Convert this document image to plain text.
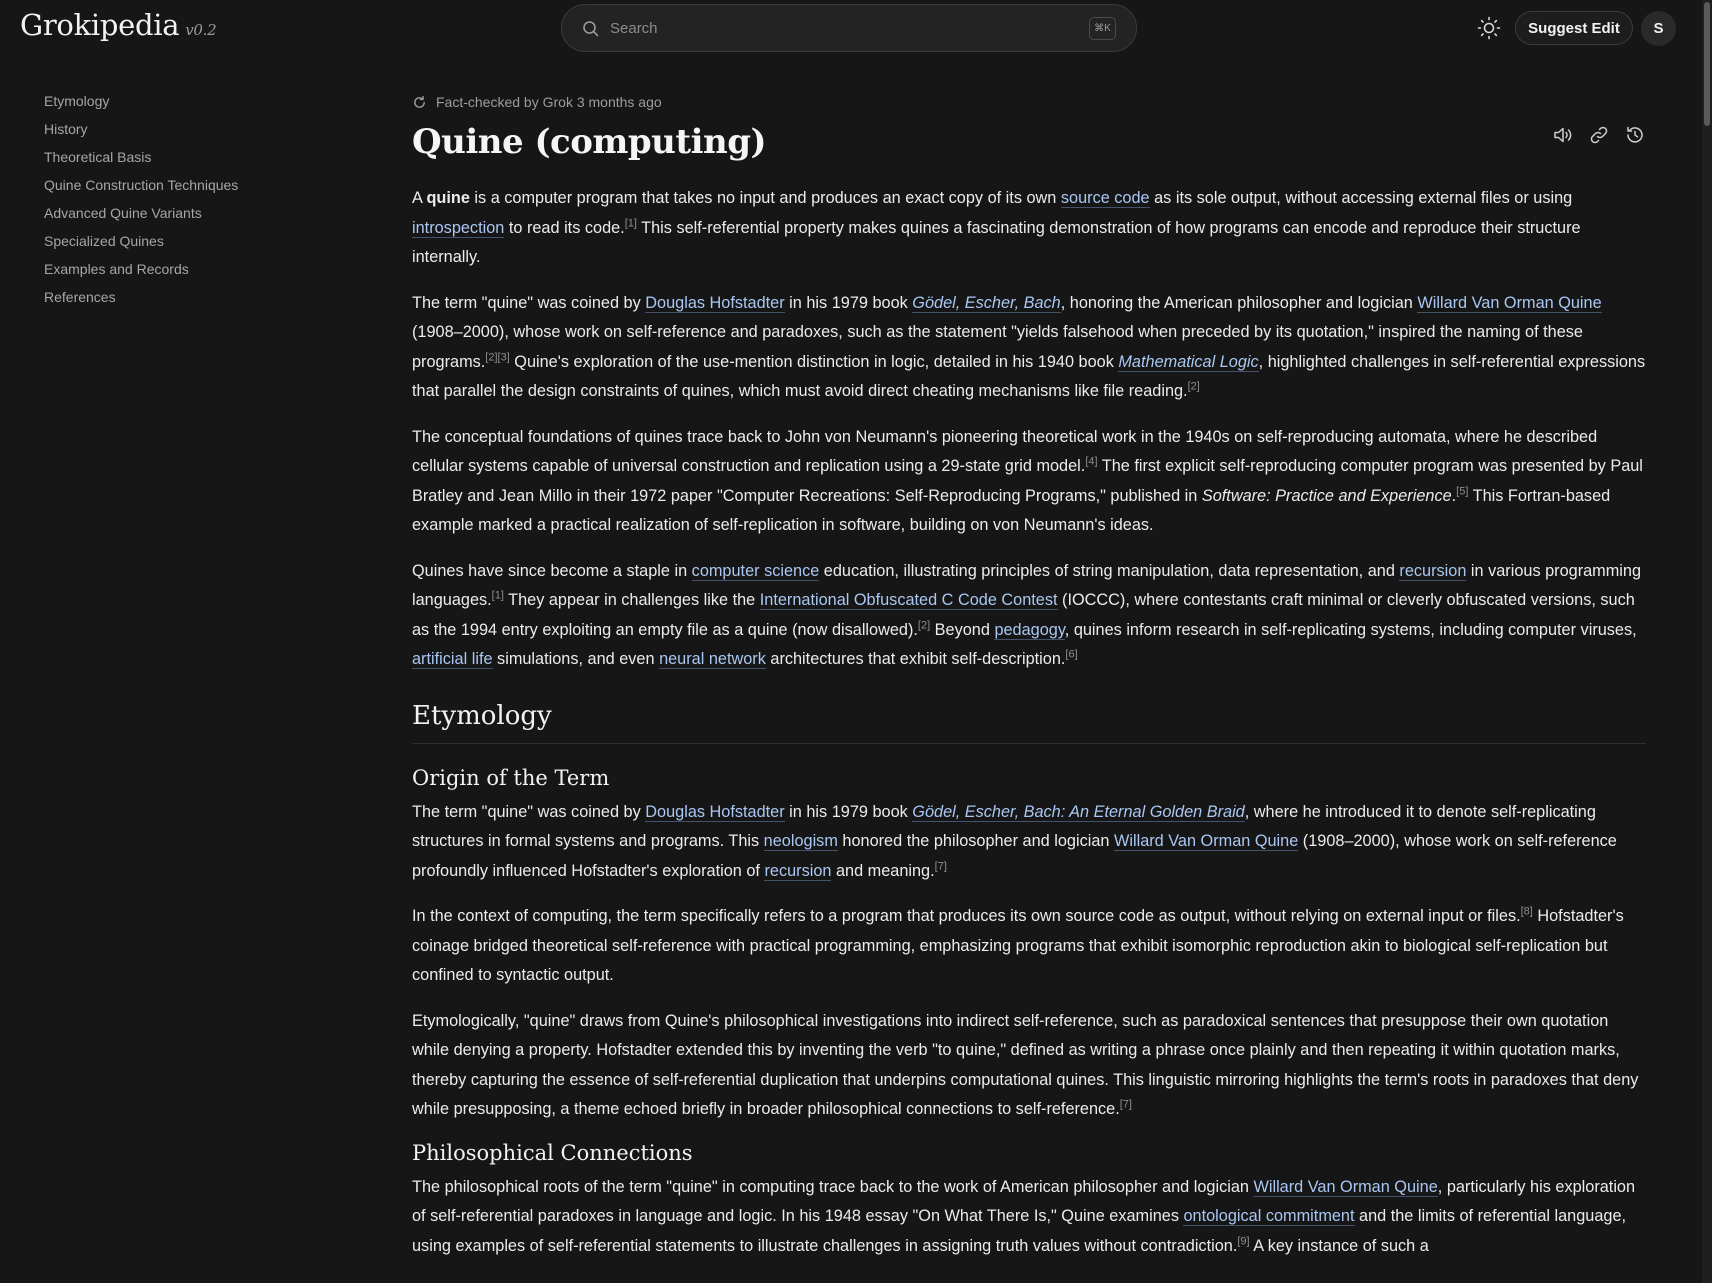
Grokipedia v0.2	Search	⌘K	Suggest Edit	S
Etymology
History
Theoretical Basis
Quine Construction Techniques
Advanced Quine Variants
Specialized Quines
Examples and Records
References
Fact-checked by Grok 3 months ago
Quine (computing)

A quine is a computer program that takes no input and produces an exact copy of its own source code as its sole output, without accessing external files or using introspection to read its code.[1] This self-referential property makes quines a fascinating demonstration of how programs can encode and reproduce their structure internally.

The term "quine" was coined by Douglas Hofstadter in his 1979 book Gödel, Escher, Bach, honoring the American philosopher and logician Willard Van Orman Quine (1908–2000), whose work on self-reference and paradoxes, such as the statement "yields falsehood when preceded by its quotation," inspired the naming of these programs.[2][3] Quine's exploration of the use-mention distinction in logic, detailed in his 1940 book Mathematical Logic, highlighted challenges in self-referential expressions that parallel the design constraints of quines, which must avoid direct cheating mechanisms like file reading.[2]

The conceptual foundations of quines trace back to John von Neumann's pioneering theoretical work in the 1940s on self-reproducing automata, where he described cellular systems capable of universal construction and replication using a 29-state grid model.[4] The first explicit self-reproducing computer program was presented by Paul Bratley and Jean Millo in their 1972 paper "Computer Recreations: Self-Reproducing Programs," published in Software: Practice and Experience.[5] This Fortran-based example marked a practical realization of self-replication in software, building on von Neumann's ideas.

Quines have since become a staple in computer science education, illustrating principles of string manipulation, data representation, and recursion in various programming languages.[1] They appear in challenges like the International Obfuscated C Code Contest (IOCCC), where contestants craft minimal or cleverly obfuscated versions, such as the 1994 entry exploiting an empty file as a quine (now disallowed).[2] Beyond pedagogy, quines inform research in self-replicating systems, including computer viruses, artificial life simulations, and even neural network architectures that exhibit self-description.[6]

Etymology
Origin of the Term

The term "quine" was coined by Douglas Hofstadter in his 1979 book Gödel, Escher, Bach: An Eternal Golden Braid, where he introduced it to denote self-replicating structures in formal systems and programs. This neologism honored the philosopher and logician Willard Van Orman Quine (1908–2000), whose work on self-reference profoundly influenced Hofstadter's exploration of recursion and meaning.[7]

In the context of computing, the term specifically refers to a program that produces its own source code as output, without relying on external input or files.[8] Hofstadter's coinage bridged theoretical self-reference with practical programming, emphasizing programs that exhibit isomorphic reproduction akin to biological self-replication but confined to syntactic output.

Etymologically, "quine" draws from Quine's philosophical investigations into indirect self-reference, such as paradoxical sentences that presuppose their own quotation while denying a property. Hofstadter extended this by inventing the verb "to quine," defined as writing a phrase once plainly and then repeating it within quotation marks, thereby capturing the essence of self-referential duplication that underpins computational quines. This linguistic mirroring highlights the term's roots in paradoxes that deny while presupposing, a theme echoed briefly in broader philosophical connections to self-reference.[7]

Philosophical Connections

The philosophical roots of the term "quine" in computing trace back to the work of American philosopher and logician Willard Van Orman Quine, particularly his exploration of self-referential paradoxes in language and logic. In his 1948 essay "On What There Is," Quine examines ontological commitment and the limits of referential language, using examples of self-referential statements to illustrate challenges in assigning truth values without contradiction.[9] A key instance of such a
